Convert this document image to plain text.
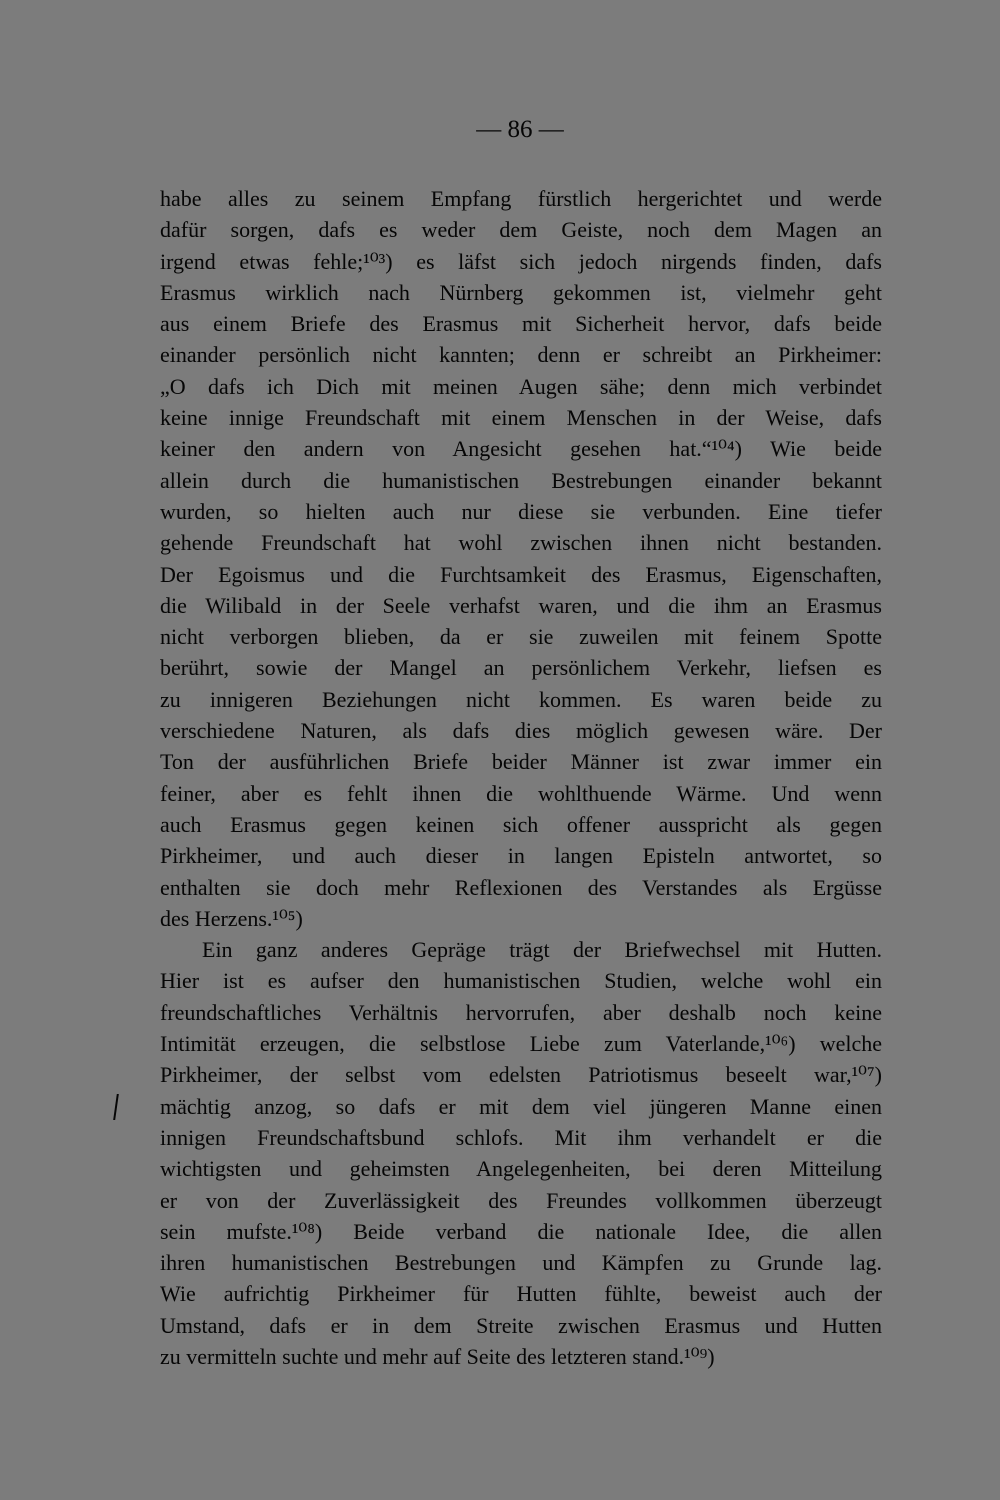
— 86 —
habe alles zu seinem Empfang fürstlich hergerichtet und werde
dafür sorgen, dafs es weder dem Geiste, noch dem Magen an
irgend etwas fehle;¹⁰³) es läfst sich jedoch nirgends finden, dafs
Erasmus wirklich nach Nürnberg gekommen ist, vielmehr geht
aus einem Briefe des Erasmus mit Sicherheit hervor, dafs beide
einander persönlich nicht kannten; denn er schreibt an Pirkheimer:
„O dafs ich Dich mit meinen Augen sähe; denn mich verbindet
keine innige Freundschaft mit einem Menschen in der Weise, dafs
keiner den andern von Angesicht gesehen hat.“¹⁰⁴) Wie beide
allein durch die humanistischen Bestrebungen einander bekannt
wurden, so hielten auch nur diese sie verbunden. Eine tiefer
gehende Freundschaft hat wohl zwischen ihnen nicht bestanden.
Der Egoismus und die Furchtsamkeit des Erasmus, Eigenschaften,
die Wilibald in der Seele verhafst waren, und die ihm an Erasmus
nicht verborgen blieben, da er sie zuweilen mit feinem Spotte
berührt, sowie der Mangel an persönlichem Verkehr, liefsen es
zu innigeren Beziehungen nicht kommen. Es waren beide zu
verschiedene Naturen, als dafs dies möglich gewesen wäre. Der
Ton der ausführlichen Briefe beider Männer ist zwar immer ein
feiner, aber es fehlt ihnen die wohlthuende Wärme. Und wenn
auch Erasmus gegen keinen sich offener ausspricht als gegen
Pirkheimer, und auch dieser in langen Episteln antwortet, so
enthalten sie doch mehr Reflexionen des Verstandes als Ergüsse
des Herzens.¹⁰⁵)
Ein ganz anderes Gepräge trägt der Briefwechsel mit Hutten.
Hier ist es aufser den humanistischen Studien, welche wohl ein
freundschaftliches Verhältnis hervorrufen, aber deshalb noch keine
Intimität erzeugen, die selbstlose Liebe zum Vaterlande,¹⁰⁶) welche
Pirkheimer, der selbst vom edelsten Patriotismus beseelt war,¹⁰⁷)
mächtig anzog, so dafs er mit dem viel jüngeren Manne einen
innigen Freundschaftsbund schlofs. Mit ihm verhandelt er die
wichtigsten und geheimsten Angelegenheiten, bei deren Mitteilung
er von der Zuverlässigkeit des Freundes vollkommen überzeugt
sein mufste.¹⁰⁸) Beide verband die nationale Idee, die allen
ihren humanistischen Bestrebungen und Kämpfen zu Grunde lag.
Wie aufrichtig Pirkheimer für Hutten fühlte, beweist auch der
Umstand, dafs er in dem Streite zwischen Erasmus und Hutten
zu vermitteln suchte und mehr auf Seite des letzteren stand.¹⁰⁹)
